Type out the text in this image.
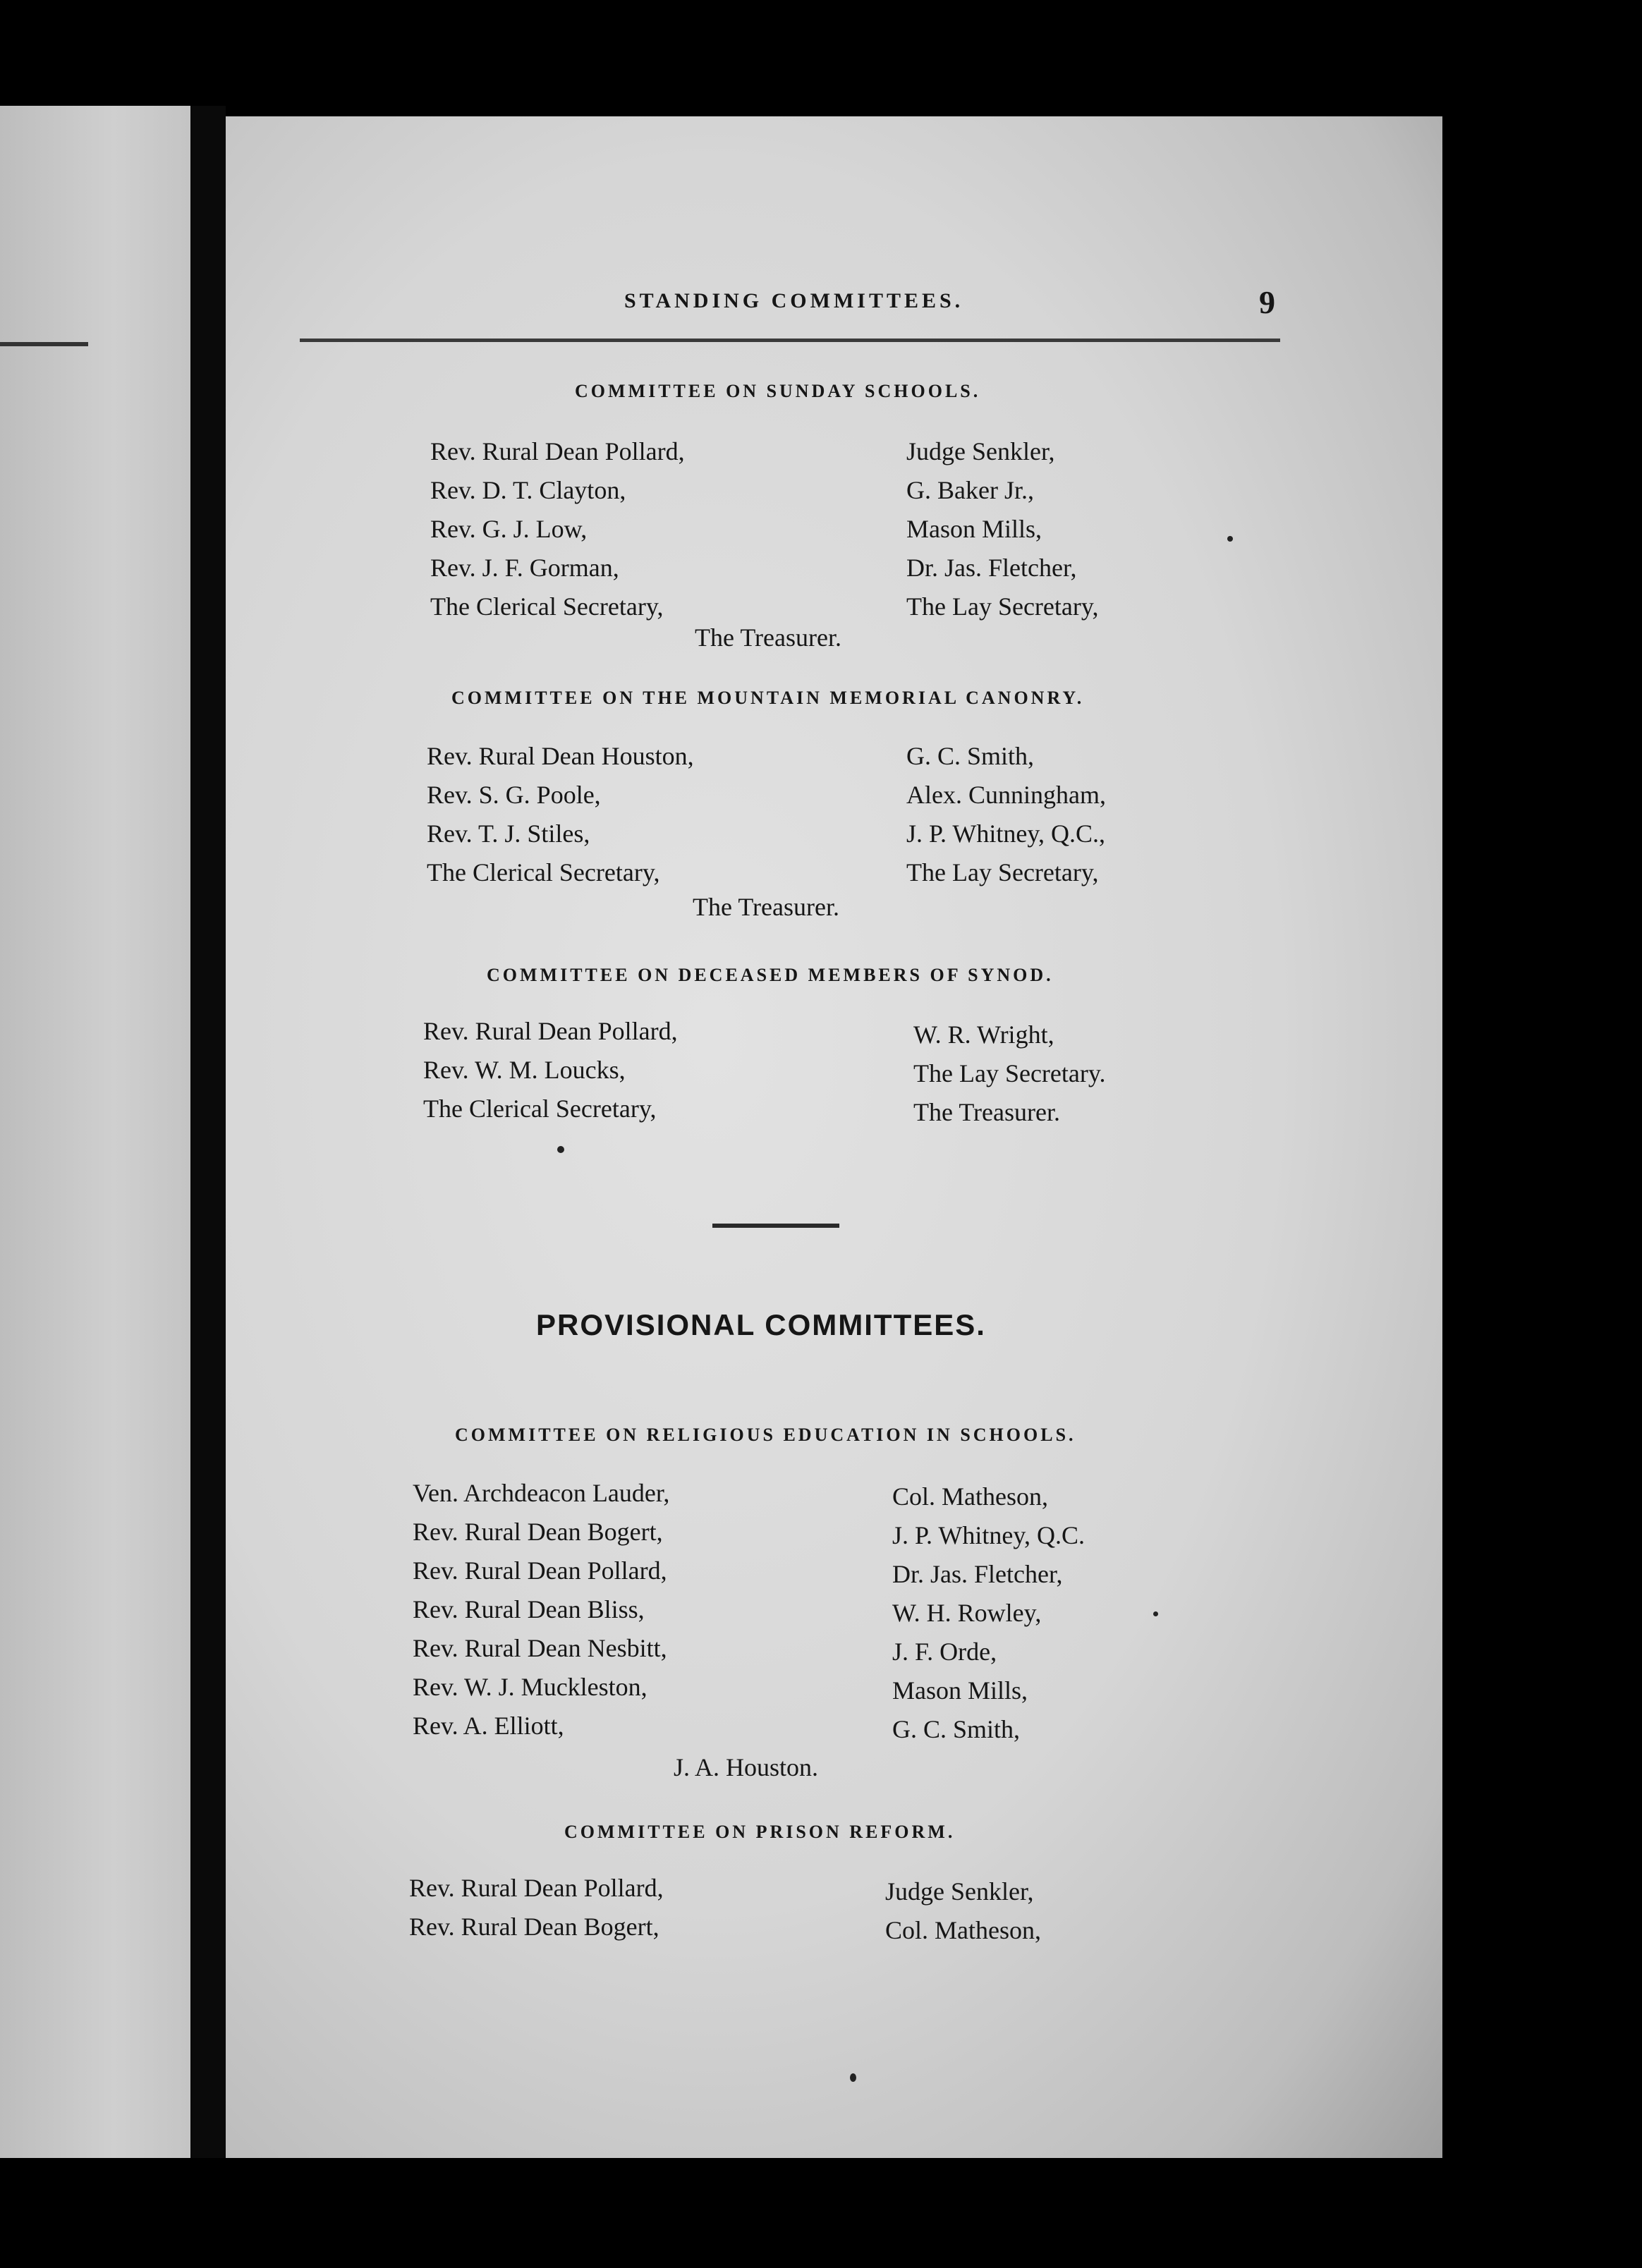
STANDING COMMITTEES.	9
COMMITTEE ON SUNDAY SCHOOLS.
Rev. Rural Dean Pollard,
Rev. D. T. Clayton,
Rev. G. J. Low,
Rev. J. F. Gorman,
The Clerical Secretary,
Judge Senkler,
G. Baker Jr.,
Mason Mills,
Dr. Jas. Fletcher,
The Lay Secretary,
The Treasurer.
COMMITTEE ON THE MOUNTAIN MEMORIAL CANONRY.
Rev. Rural Dean Houston,
Rev. S. G. Poole,
Rev. T. J. Stiles,
The Clerical Secretary,
G. C. Smith,
Alex. Cunningham,
J. P. Whitney, Q.C.,
The Lay Secretary,
The Treasurer.
COMMITTEE ON DECEASED MEMBERS OF SYNOD.
Rev. Rural Dean Pollard,
Rev. W. M. Loucks,
The Clerical Secretary,
W. R. Wright,
The Lay Secretary.
The Treasurer.
PROVISIONAL COMMITTEES.
COMMITTEE ON RELIGIOUS EDUCATION IN SCHOOLS.
Ven. Archdeacon Lauder,
Rev. Rural Dean Bogert,
Rev. Rural Dean Pollard,
Rev. Rural Dean Bliss,
Rev. Rural Dean Nesbitt,
Rev. W. J. Muckleston,
Rev. A. Elliott,
Col. Matheson,
J. P. Whitney, Q.C.
Dr. Jas. Fletcher,
W. H. Rowley,
J. F. Orde,
Mason Mills,
G. C. Smith,
J. A. Houston.
COMMITTEE ON PRISON REFORM.
Rev. Rural Dean Pollard,
Rev. Rural Dean Bogert,
Judge Senkler,
Col. Matheson,
